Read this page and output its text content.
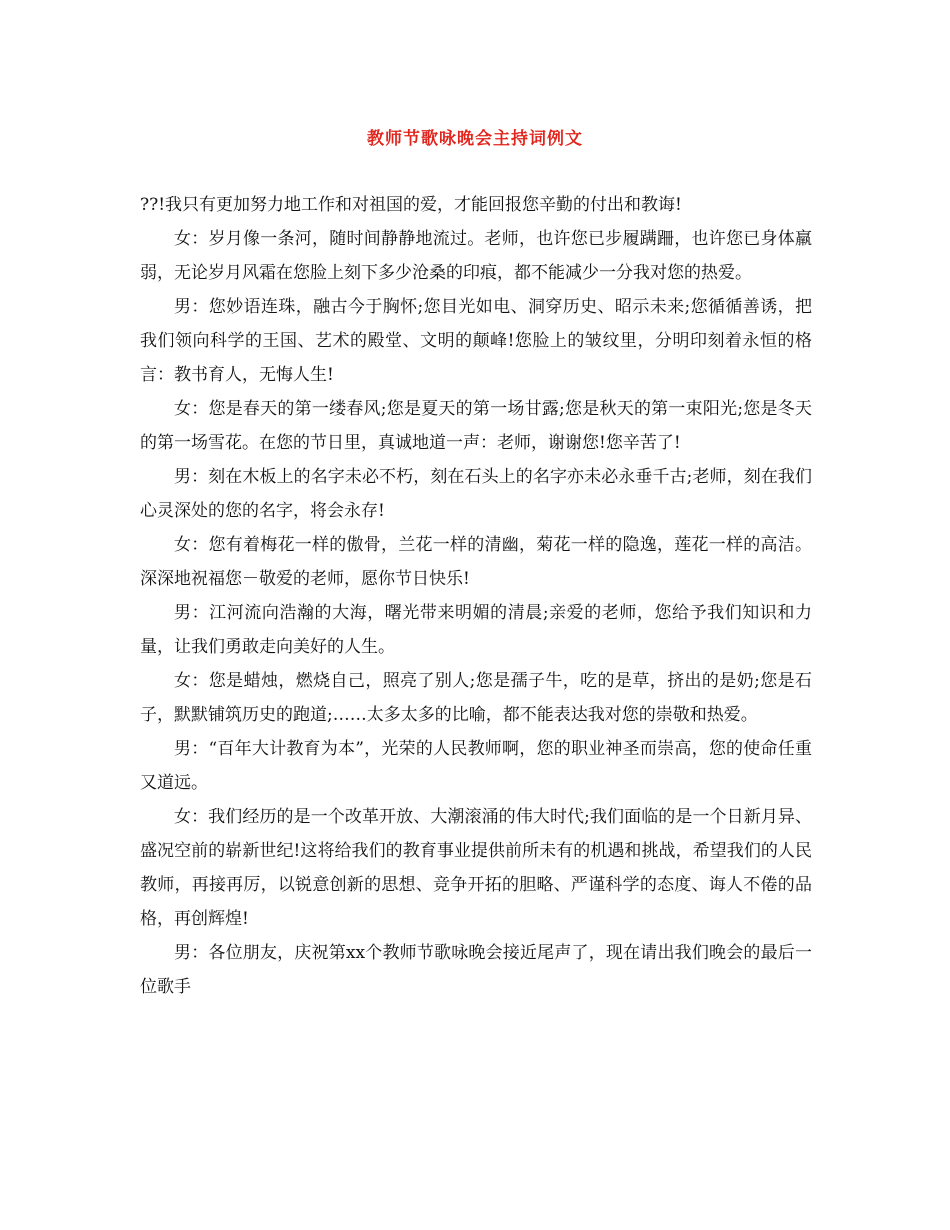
教师节歌咏晚会主持词例文

??!我只有更加努力地工作和对祖国的爱，才能回报您辛勤的付出和教诲!

女：岁月像一条河，随时间静静地流过。老师，也许您已步履蹒跚，也许您已身体羸弱，无论岁月风霜在您脸上刻下多少沧桑的印痕，都不能减少一分我对您的热爱。

男：您妙语连珠，融古今于胸怀;您目光如电、洞穿历史、昭示未来;您循循善诱，把我们领向科学的王国、艺术的殿堂、文明的颠峰!您脸上的皱纹里，分明印刻着永恒的格言：教书育人，无悔人生!

女：您是春天的第一缕春风;您是夏天的第一场甘露;您是秋天的第一束阳光;您是冬天的第一场雪花。在您的节日里，真诚地道一声：老师，谢谢您!您辛苦了!

男：刻在木板上的名字未必不朽，刻在石头上的名字亦未必永垂千古;老师，刻在我们心灵深处的您的名字，将会永存!

女：您有着梅花一样的傲骨，兰花一样的清幽，菊花一样的隐逸，莲花一样的高洁。深深地祝福您－敬爱的老师，愿你节日快乐!

男：江河流向浩瀚的大海，曙光带来明媚的清晨;亲爱的老师，您给予我们知识和力量，让我们勇敢走向美好的人生。

女：您是蜡烛，燃烧自己，照亮了别人;您是孺子牛，吃的是草，挤出的是奶;您是石子，默默铺筑历史的跑道;……太多太多的比喻，都不能表达我对您的崇敬和热爱。

男：“百年大计教育为本”，光荣的人民教师啊，您的职业神圣而崇高，您的使命任重又道远。

女：我们经历的是一个改革开放、大潮滚涌的伟大时代;我们面临的是一个日新月异、盛况空前的崭新世纪!这将给我们的教育事业提供前所未有的机遇和挑战，希望我们的人民教师，再接再厉，以锐意创新的思想、竞争开拓的胆略、严谨科学的态度、诲人不倦的品格，再创辉煌!

男：各位朋友，庆祝第xx个教师节歌咏晚会接近尾声了，现在请出我们晚会的最后一位歌手
